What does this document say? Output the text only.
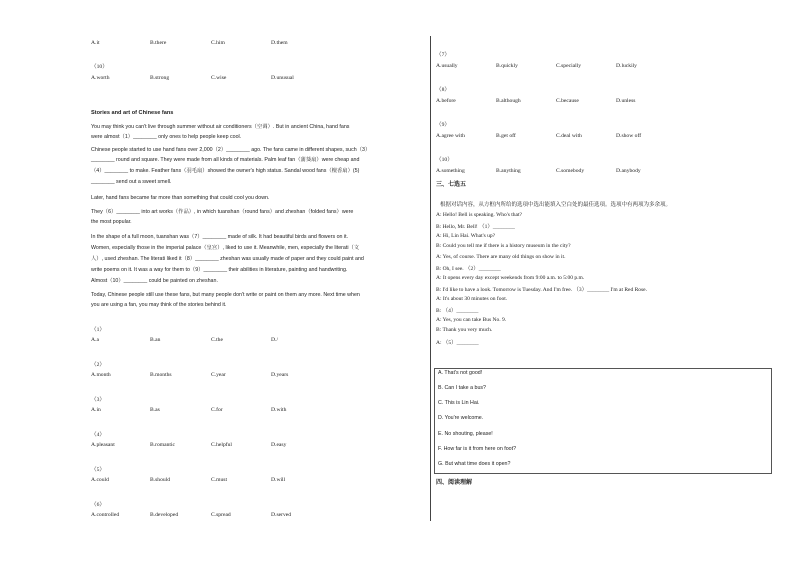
A.it	B.there	C.him	D.them
（10）
A.worth	B.strong	C.wise	D.unusual
Stories and art of Chinese fans
You may think you can't live through summer without air conditioners（空调）. But in ancient China, hand fans
were almost（1）________ only ones to help people keep cool.
Chinese people started to use hand fans over 2,000（2）________ ago. The fans came in different shapes, such（3）
________ round and square. They were made from all kinds of materials. Palm leaf fan（蒲葵扇）were cheap and
（4）________ to make. Feather fans（羽毛扇）showed the owner's high status. Sandal wood fans（檀香扇）(5)
________ send out a sweet smell.
Later, hand fans became far more than something that could cool you down.
They（6）________ into art works（作品）, in which tuanshan（round fans）and zheshan（folded fans）were
the most popular.
In the shape of a full moon, tuanshan was（7）________ made of silk. It had beautiful birds and flowers on it.
Women, especially those in the imperial palace（皇宫）, liked to use it. Meanwhile, men, especially the literati（文
人）, used zheshan. The literati liked it（8）________ zheshan was usually made of paper and they could paint and
write poems on it. It was a way for them to（9）________ their abilities in literature, painting and handwriting.
Almost（10）________ could be painted on zheshan.
Today, Chinese people still use these fans, but many people don't write or paint on them any more. Next time when
you are using a fan, you may think of the stories behind it.
（1）
A.a	B.an	C.the	D./
（2）
A.month	B.months	C.year	D.years
（3）
A.in	B.as	C.for	D.with
（4）
A.pleasant	B.romantic	C.helpful	D.easy
（5）
A.could	B.should	C.must	D.will
（6）
A.controlled	B.developed	C.spread	D.served
（7）
A.usually	B.quickly	C.specially	D.luckily
（8）
A.before	B.although	C.because	D.unless
（9）
A.agree with	B.get off	C.deal with	D.show off
（10）
A.something	B.anything	C.somebody	D.anybody
三、七选五
根据对话内容，从方框内所给的选项中选出能填入空白处的最佳选项。选项中有两项为多余项。
A: Hello! Bell is speaking. Who's that?
B: Hello, Mr. Bell! （1）________
A: Hi, Lin Hai. What's up?
B: Could you tell me if there is a history museum in the city?
A: Yes, of course. There are many old things on show in it.
B: Oh, I see. （2）________
A: It opens every day except weekends from 9:00 a.m. to 5:00 p.m.
B: I'd like to have a look. Tomorrow is Tuesday. And I'm free. （3）________ I'm at Red Rose.
A: It's about 30 minutes on foot.
B: （4）________
A: Yes, you can take Bus No. 9.
B: Thank you very much.
A: （5）________
A. That's not good!
B. Can I take a bus?
C. This is Lin Hai.
D. You're welcome.
E. No shouting, please!
F. How far is it from here on foot?
G. But what time does it open?
四、阅读理解
